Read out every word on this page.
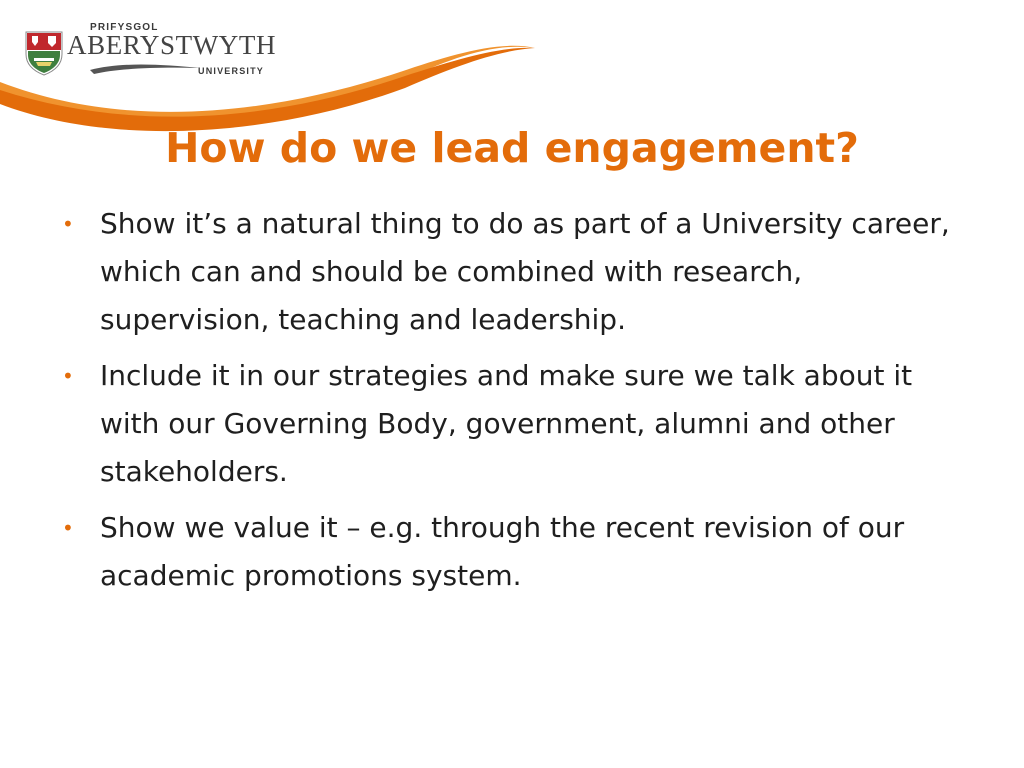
PRIFYSGOL
ABERYSTWYTH
UNIVERSITY
How do we lead engagement?
• Show it’s a natural thing to do as part of a University career, which can and should be combined with research, supervision, teaching and leadership.
• Include it in our strategies and make sure we talk about it with our Governing Body, government, alumni and other stakeholders.
• Show we value it – e.g. through the recent revision of our academic promotions system.
